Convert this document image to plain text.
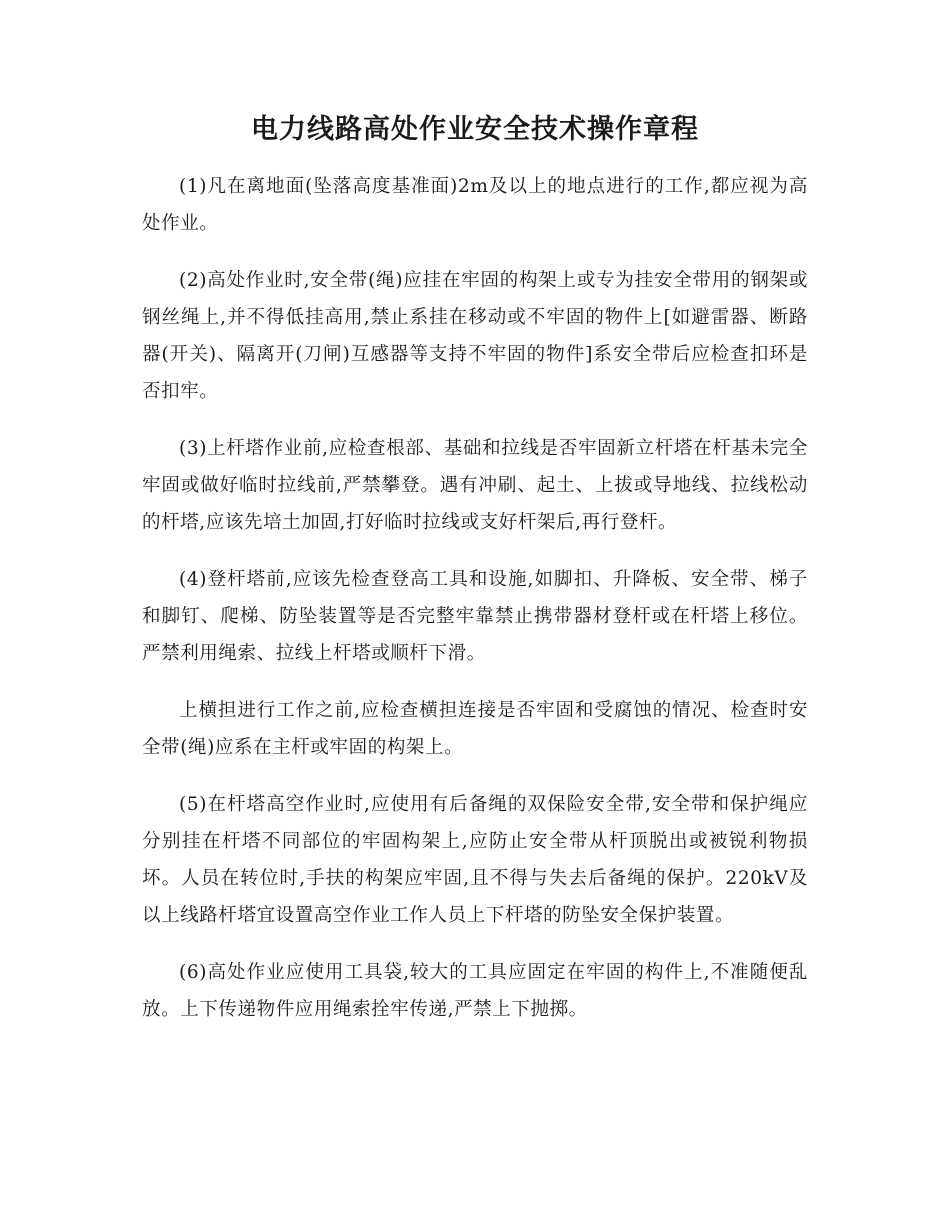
电力线路高处作业安全技术操作章程

(1)凡在离地面(坠落高度基准面)2m及以上的地点进行的工作,都应视为高处作业。

(2)高处作业时,安全带(绳)应挂在牢固的构架上或专为挂安全带用的钢架或钢丝绳上,并不得低挂高用,禁止系挂在移动或不牢固的物件上[如避雷器、断路器(开关)、隔离开(刀闸)互感器等支持不牢固的物件]系安全带后应检查扣环是否扣牢。

(3)上杆塔作业前,应检查根部、基础和拉线是否牢固新立杆塔在杆基未完全牢固或做好临时拉线前,严禁攀登。遇有冲刷、起土、上拔或导地线、拉线松动的杆塔,应该先培土加固,打好临时拉线或支好杆架后,再行登杆。

(4)登杆塔前,应该先检查登高工具和设施,如脚扣、升降板、安全带、梯子和脚钉、爬梯、防坠装置等是否完整牢靠禁止携带器材登杆或在杆塔上移位。严禁利用绳索、拉线上杆塔或顺杆下滑。

上横担进行工作之前,应检查横担连接是否牢固和受腐蚀的情况、检查时安全带(绳)应系在主杆或牢固的构架上。

(5)在杆塔高空作业时,应使用有后备绳的双保险安全带,安全带和保护绳应分别挂在杆塔不同部位的牢固构架上,应防止安全带从杆顶脱出或被锐利物损坏。人员在转位时,手扶的构架应牢固,且不得与失去后备绳的保护。220kV及以上线路杆塔宜设置高空作业工作人员上下杆塔的防坠安全保护装置。

(6)高处作业应使用工具袋,较大的工具应固定在牢固的构件上,不准随便乱放。上下传递物件应用绳索拴牢传递,严禁上下抛掷。
